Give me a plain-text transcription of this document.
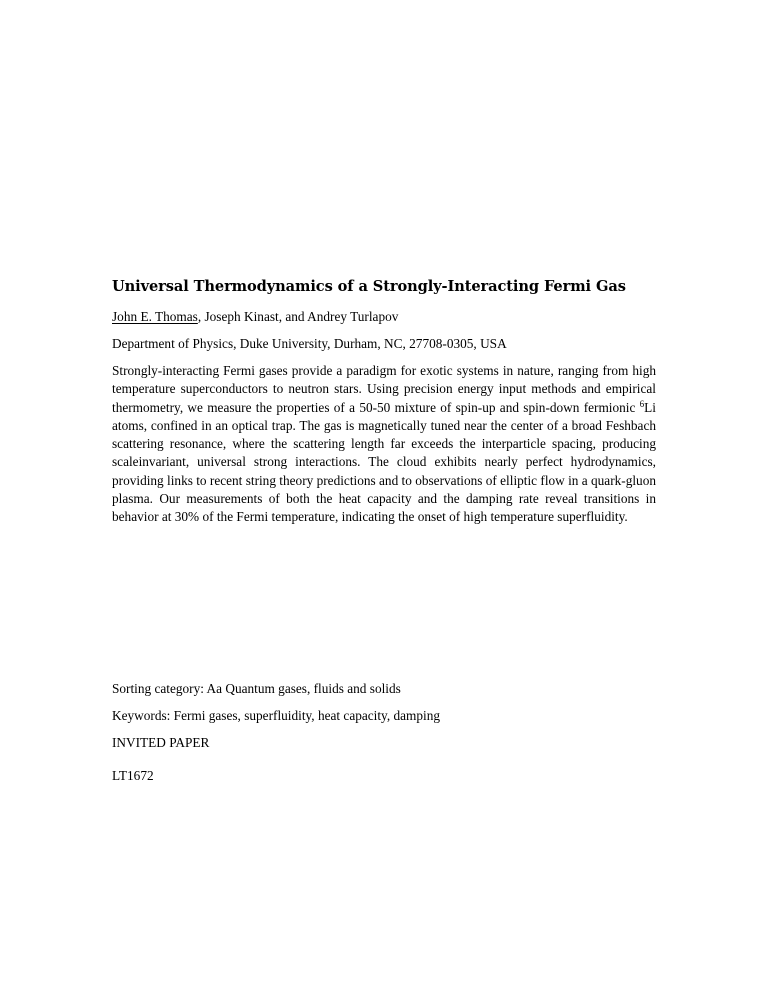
Universal Thermodynamics of a Strongly-Interacting Fermi Gas
John E. Thomas, Joseph Kinast, and Andrey Turlapov
Department of Physics, Duke University, Durham, NC, 27708-0305, USA
Strongly-interacting Fermi gases provide a paradigm for exotic systems in nature, ranging from high temperature superconductors to neutron stars. Using precision energy input methods and empirical thermometry, we measure the properties of a 50-50 mixture of spin-up and spin-down fermionic $^6$Li atoms, confined in an optical trap. The gas is magnetically tuned near the center of a broad Feshbach scattering resonance, where the scattering length far exceeds the interparticle spacing, producing scaleinvariant, universal strong interactions. The cloud exhibits nearly perfect hydrodynamics, providing links to recent string theory predictions and to observations of elliptic flow in a quark-gluon plasma. Our measurements of both the heat capacity and the damping rate reveal transitions in behavior at 30% of the Fermi temperature, indicating the onset of high temperature superfluidity.
Sorting category: Aa Quantum gases, fluids and solids
Keywords: Fermi gases, superfluidity, heat capacity, damping
INVITED PAPER
LT1672
